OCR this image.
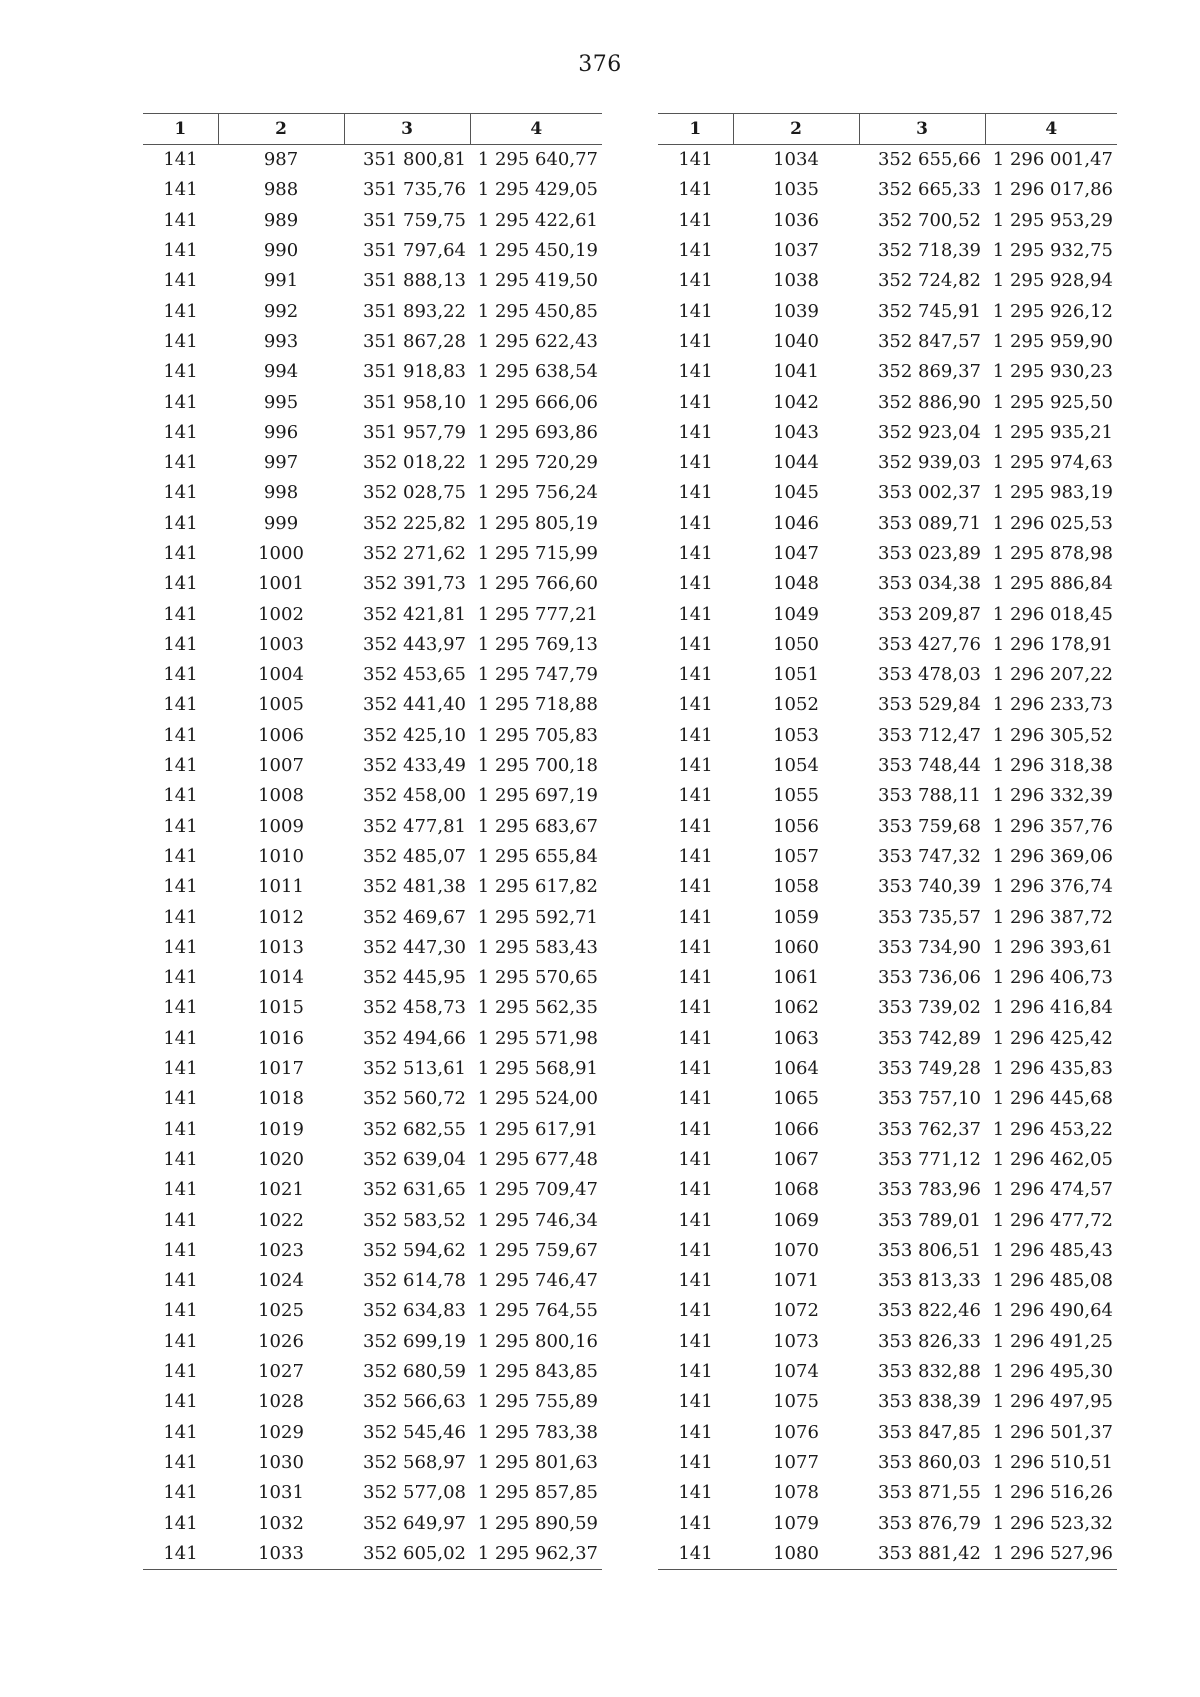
376
1	2	3	4
141	987	351 800,81	1 295 640,77
141	988	351 735,76	1 295 429,05
141	989	351 759,75	1 295 422,61
141	990	351 797,64	1 295 450,19
141	991	351 888,13	1 295 419,50
141	992	351 893,22	1 295 450,85
141	993	351 867,28	1 295 622,43
141	994	351 918,83	1 295 638,54
141	995	351 958,10	1 295 666,06
141	996	351 957,79	1 295 693,86
141	997	352 018,22	1 295 720,29
141	998	352 028,75	1 295 756,24
141	999	352 225,82	1 295 805,19
141	1000	352 271,62	1 295 715,99
141	1001	352 391,73	1 295 766,60
141	1002	352 421,81	1 295 777,21
141	1003	352 443,97	1 295 769,13
141	1004	352 453,65	1 295 747,79
141	1005	352 441,40	1 295 718,88
141	1006	352 425,10	1 295 705,83
141	1007	352 433,49	1 295 700,18
141	1008	352 458,00	1 295 697,19
141	1009	352 477,81	1 295 683,67
141	1010	352 485,07	1 295 655,84
141	1011	352 481,38	1 295 617,82
141	1012	352 469,67	1 295 592,71
141	1013	352 447,30	1 295 583,43
141	1014	352 445,95	1 295 570,65
141	1015	352 458,73	1 295 562,35
141	1016	352 494,66	1 295 571,98
141	1017	352 513,61	1 295 568,91
141	1018	352 560,72	1 295 524,00
141	1019	352 682,55	1 295 617,91
141	1020	352 639,04	1 295 677,48
141	1021	352 631,65	1 295 709,47
141	1022	352 583,52	1 295 746,34
141	1023	352 594,62	1 295 759,67
141	1024	352 614,78	1 295 746,47
141	1025	352 634,83	1 295 764,55
141	1026	352 699,19	1 295 800,16
141	1027	352 680,59	1 295 843,85
141	1028	352 566,63	1 295 755,89
141	1029	352 545,46	1 295 783,38
141	1030	352 568,97	1 295 801,63
141	1031	352 577,08	1 295 857,85
141	1032	352 649,97	1 295 890,59
141	1033	352 605,02	1 295 962,37
1	2	3	4
141	1034	352 655,66	1 296 001,47
141	1035	352 665,33	1 296 017,86
141	1036	352 700,52	1 295 953,29
141	1037	352 718,39	1 295 932,75
141	1038	352 724,82	1 295 928,94
141	1039	352 745,91	1 295 926,12
141	1040	352 847,57	1 295 959,90
141	1041	352 869,37	1 295 930,23
141	1042	352 886,90	1 295 925,50
141	1043	352 923,04	1 295 935,21
141	1044	352 939,03	1 295 974,63
141	1045	353 002,37	1 295 983,19
141	1046	353 089,71	1 296 025,53
141	1047	353 023,89	1 295 878,98
141	1048	353 034,38	1 295 886,84
141	1049	353 209,87	1 296 018,45
141	1050	353 427,76	1 296 178,91
141	1051	353 478,03	1 296 207,22
141	1052	353 529,84	1 296 233,73
141	1053	353 712,47	1 296 305,52
141	1054	353 748,44	1 296 318,38
141	1055	353 788,11	1 296 332,39
141	1056	353 759,68	1 296 357,76
141	1057	353 747,32	1 296 369,06
141	1058	353 740,39	1 296 376,74
141	1059	353 735,57	1 296 387,72
141	1060	353 734,90	1 296 393,61
141	1061	353 736,06	1 296 406,73
141	1062	353 739,02	1 296 416,84
141	1063	353 742,89	1 296 425,42
141	1064	353 749,28	1 296 435,83
141	1065	353 757,10	1 296 445,68
141	1066	353 762,37	1 296 453,22
141	1067	353 771,12	1 296 462,05
141	1068	353 783,96	1 296 474,57
141	1069	353 789,01	1 296 477,72
141	1070	353 806,51	1 296 485,43
141	1071	353 813,33	1 296 485,08
141	1072	353 822,46	1 296 490,64
141	1073	353 826,33	1 296 491,25
141	1074	353 832,88	1 296 495,30
141	1075	353 838,39	1 296 497,95
141	1076	353 847,85	1 296 501,37
141	1077	353 860,03	1 296 510,51
141	1078	353 871,55	1 296 516,26
141	1079	353 876,79	1 296 523,32
141	1080	353 881,42	1 296 527,96
